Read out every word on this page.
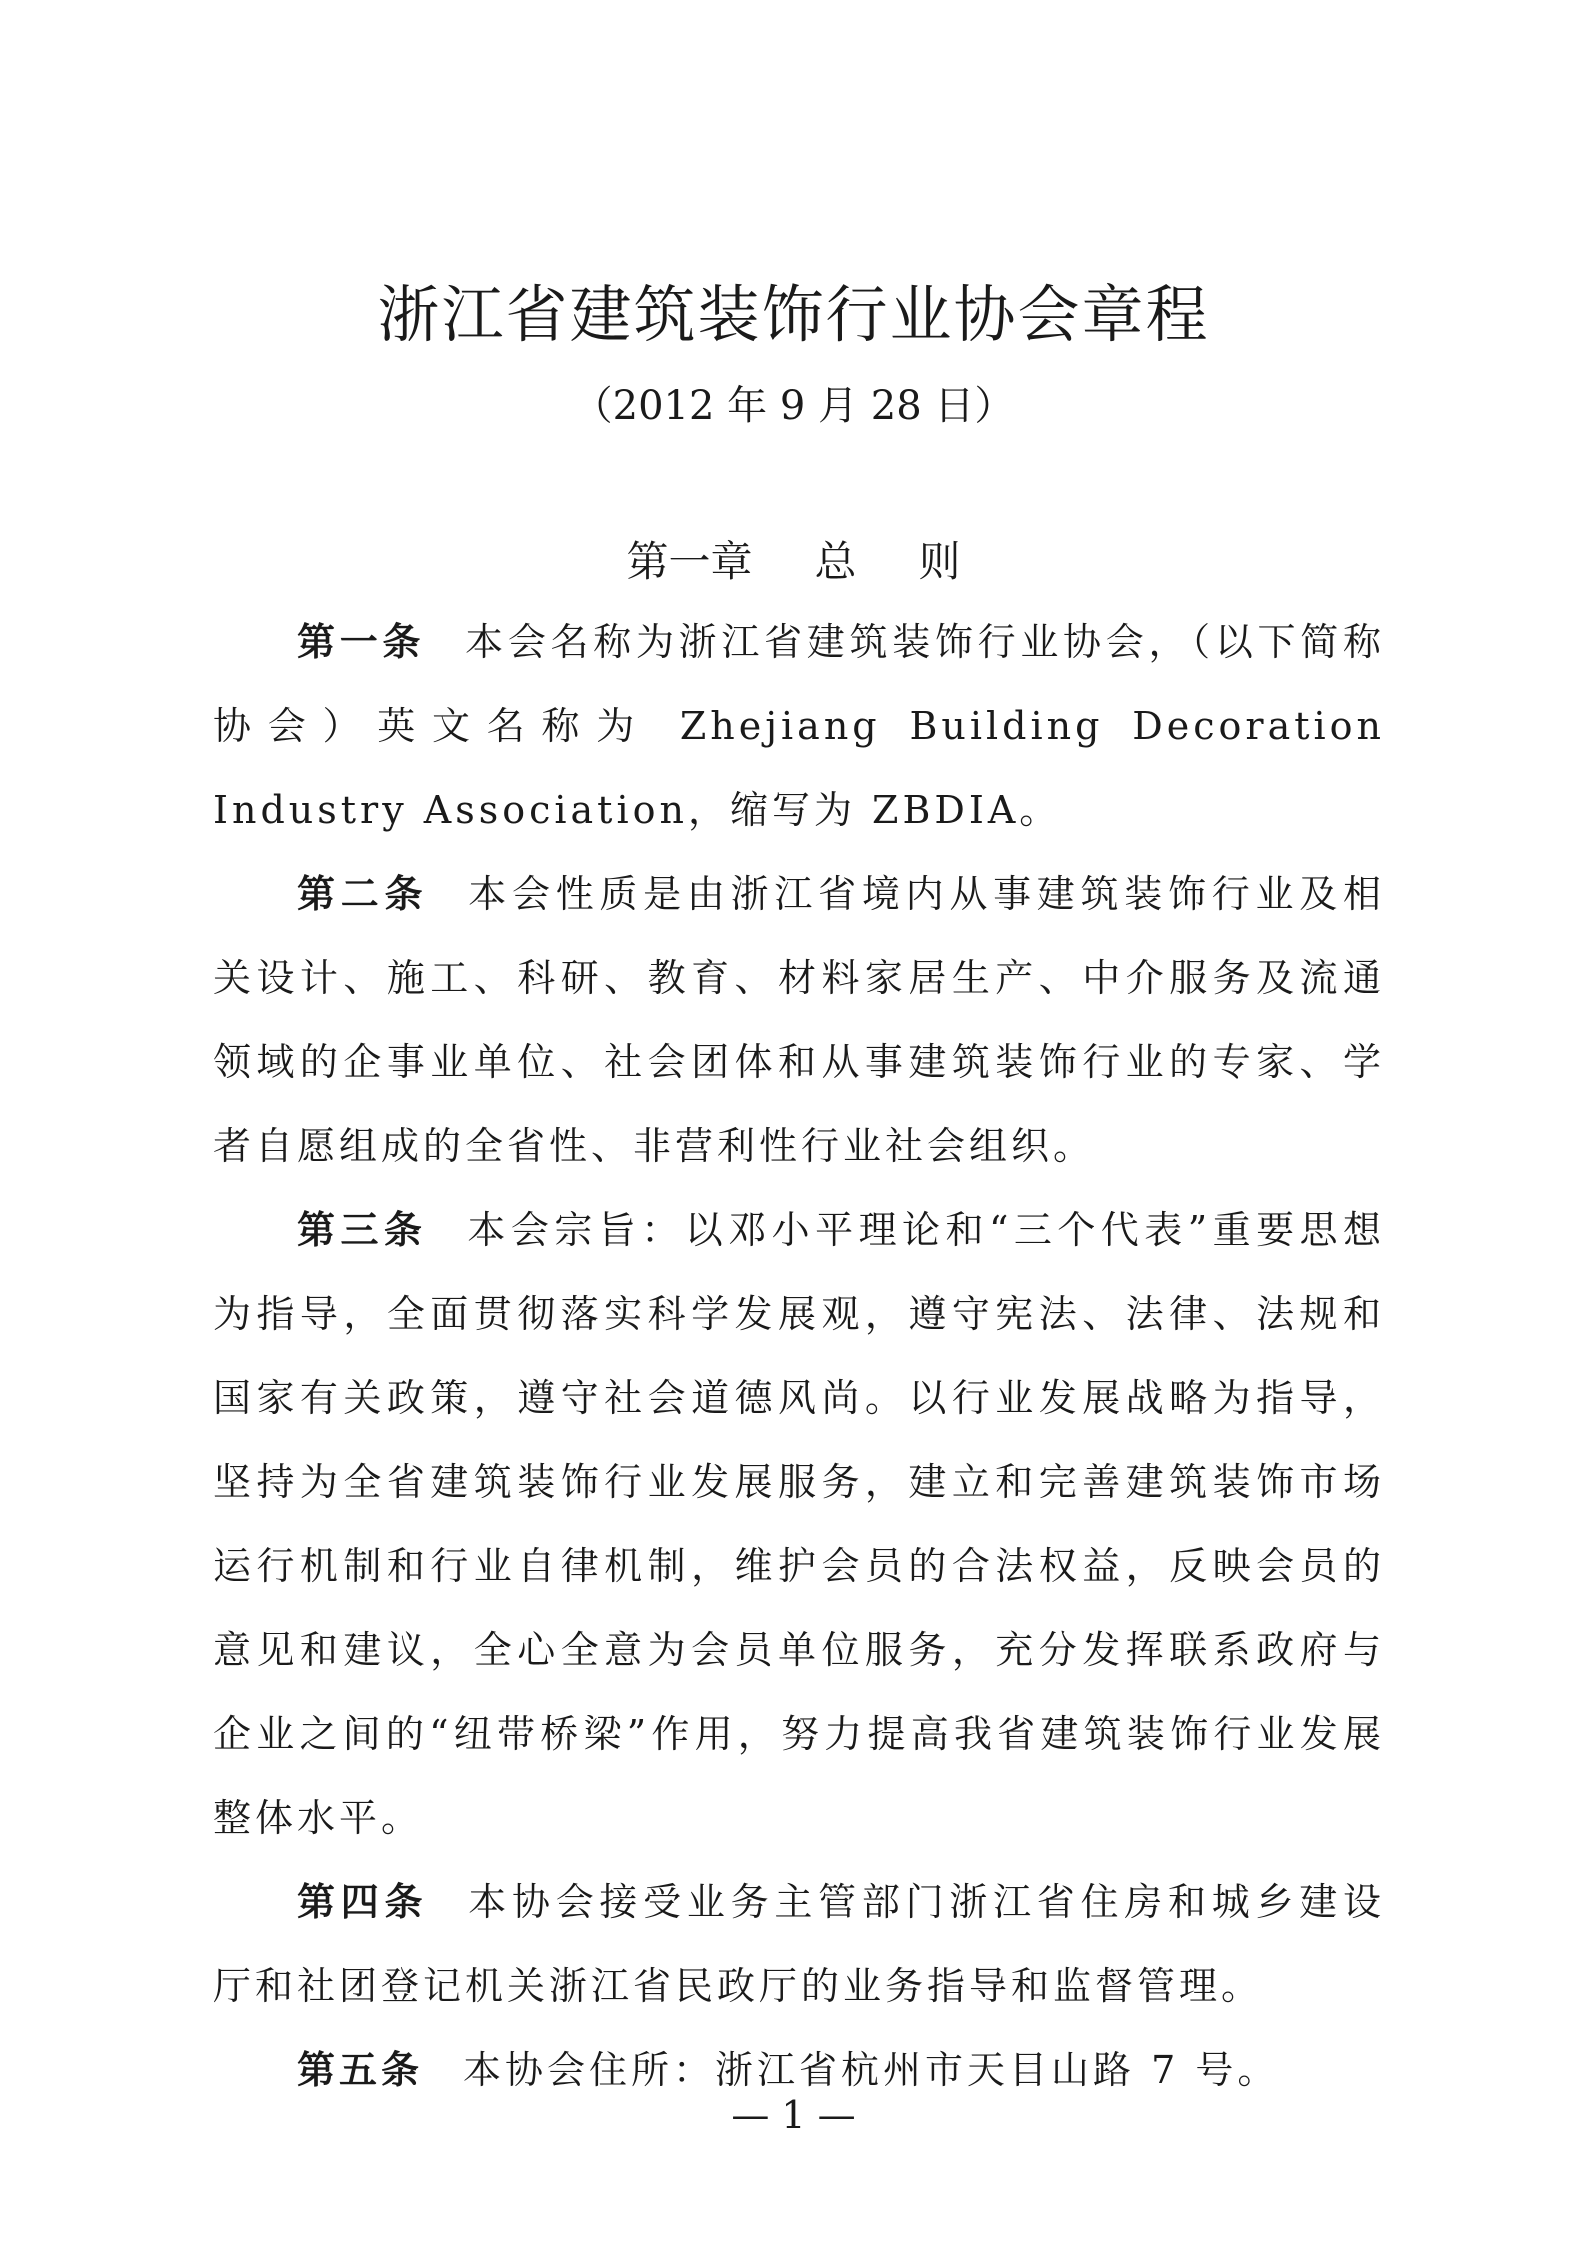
浙江省建筑装饰行业协会章程
（2012 年 9 月 28 日）
第一章 总 则

第一条 本会名称为浙江省建筑装饰行业协会，（以下简称协会）英文名称为 Zhejiang Building Decoration Industry Association，缩写为 ZBDIA。

第二条 本会性质是由浙江省境内从事建筑装饰行业及相关设计、施工、科研、教育、材料家居生产、中介服务及流通领域的企事业单位、社会团体和从事建筑装饰行业的专家、学者自愿组成的全省性、非营利性行业社会组织。

第三条 本会宗旨：以邓小平理论和“三个代表”重要思想为指导，全面贯彻落实科学发展观，遵守宪法、法律、法规和国家有关政策，遵守社会道德风尚。以行业发展战略为指导，坚持为全省建筑装饰行业发展服务，建立和完善建筑装饰市场运行机制和行业自律机制，维护会员的合法权益，反映会员的意见和建议，全心全意为会员单位服务，充分发挥联系政府与企业之间的“纽带桥梁”作用，努力提高我省建筑装饰行业发展整体水平。

第四条 本协会接受业务主管部门浙江省住房和城乡建设厅和社团登记机关浙江省民政厅的业务指导和监督管理。

第五条 本协会住所：浙江省杭州市天目山路 7 号。

— 1 —
